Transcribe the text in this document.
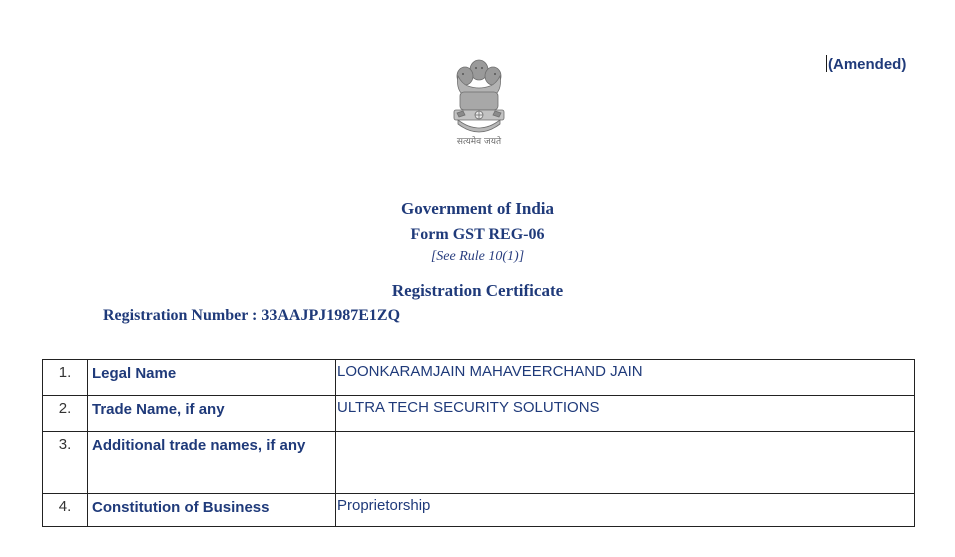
(Amended)
सत्यमेव जयते
Government of India
Form GST REG-06
[See Rule 10(1)]
Registration Certificate
Registration Number : 33AAJPJ1987E1ZQ
1.	Legal Name	LOONKARAMJAIN MAHAVEERCHAND JAIN
2.	Trade Name, if any	ULTRA TECH SECURITY SOLUTIONS
3.	Additional trade names, if any	
4.	Constitution of Business	Proprietorship
